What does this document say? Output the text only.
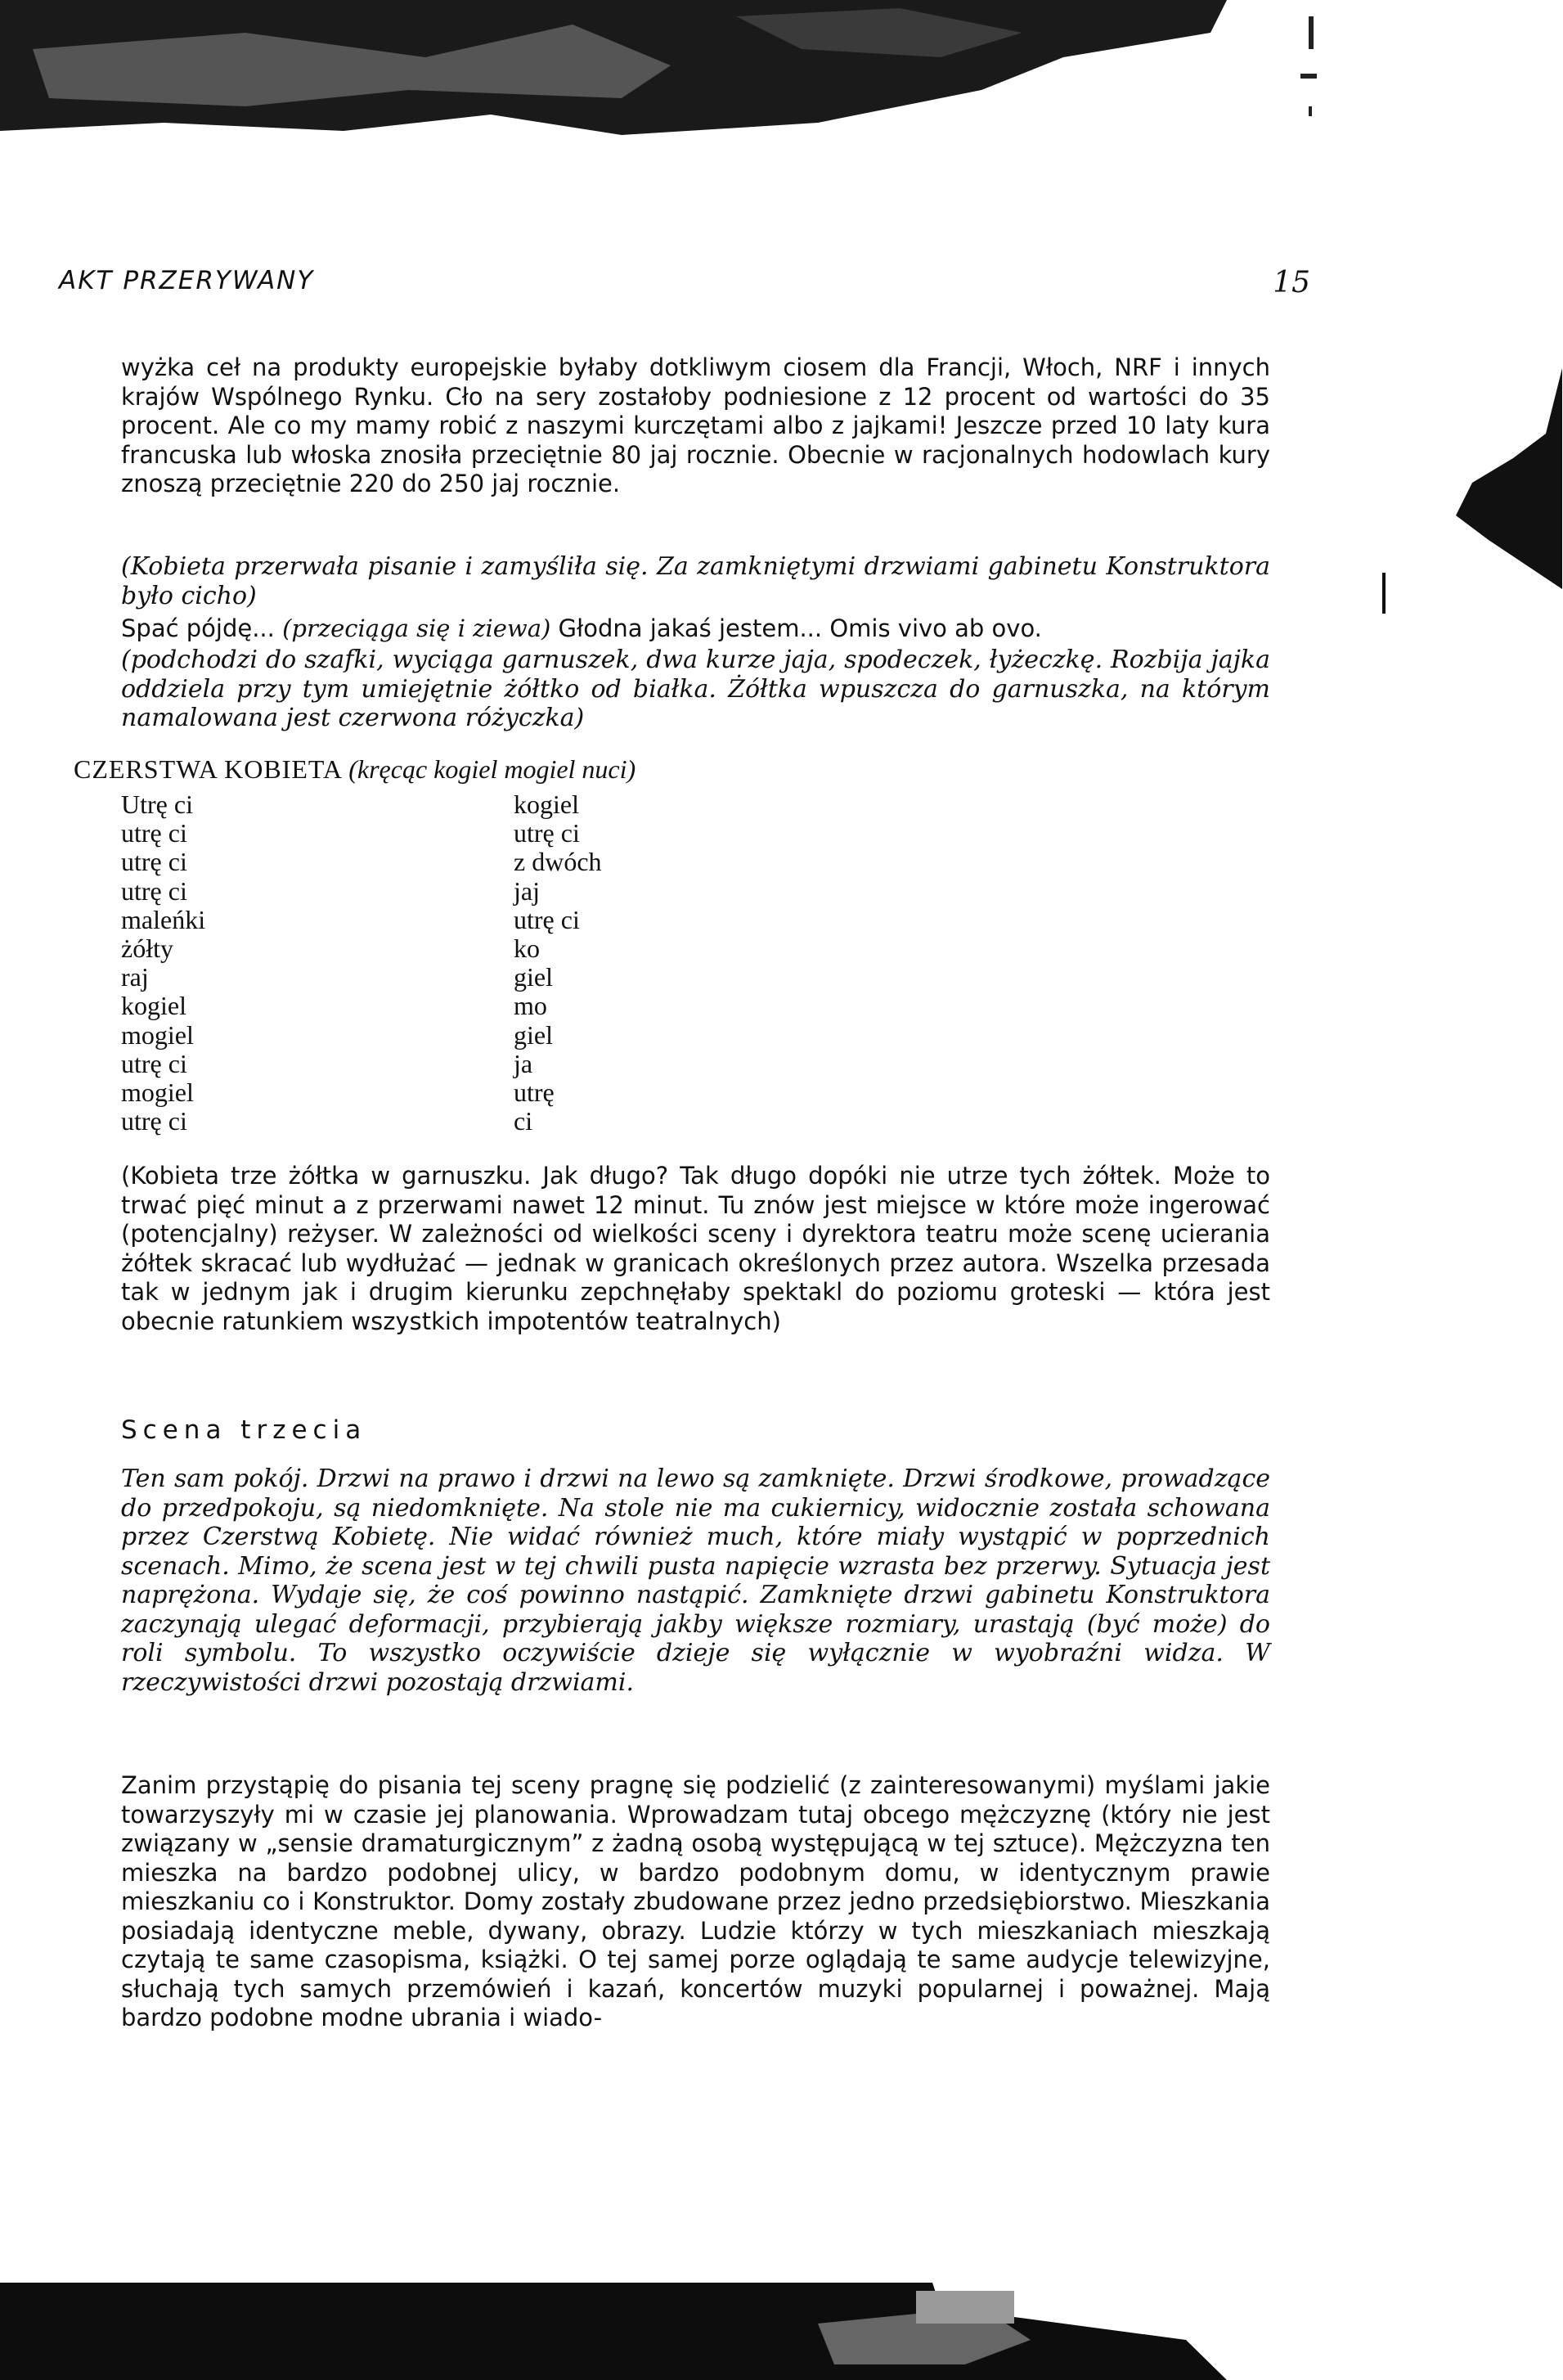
AKT PRZERYWANY	15

wyżka ceł na produkty europejskie byłaby dotkliwym ciosem dla Francji, Włoch, NRF i innych krajów Wspólnego Rynku. Cło na sery zostałoby podniesione z 12 procent od wartości do 35 procent. Ale co my mamy robić z naszymi kurczętami albo z jajkami! Jeszcze przed 10 laty kura francuska lub włoska znosiła przeciętnie 80 jaj rocznie. Obecnie w racjonalnych hodowlach kury znoszą przeciętnie 220 do 250 jaj rocznie.

(Kobieta przerwała pisanie i zamyśliła się. Za zamkniętymi drzwiami gabinetu Konstruktora było cicho)

Spać pójdę... (przeciąga się i ziewa) Głodna jakaś jestem... Omis vivo ab ovo.

(podchodzi do szafki, wyciąga garnuszek, dwa kurze jaja, spodeczek, łyżeczkę. Rozbija jajka oddziela przy tym umiejętnie żółtko od białka. Żółtka wpuszcza do garnuszka, na którym namalowana jest czerwona różyczka)

CZERSTWA KOBIETA (kręcąc kogiel mogiel nuci)
Utrę ci
utrę ci
utrę ci
utrę ci
maleńki
żółty
raj
kogiel
mogiel
utrę ci
mogiel
utrę ci
kogiel
utrę ci
z dwóch
jaj
utrę ci
ko
giel
mo
giel
ja
utrę
ci

(Kobieta trze żółtka w garnuszku. Jak długo? Tak długo dopóki nie utrze tych żółtek. Może to trwać pięć minut a z przerwami nawet 12 minut. Tu znów jest miejsce w które może ingerować (potencjalny) reżyser. W zależności od wielkości sceny i dyrektora teatru może scenę ucierania żółtek skracać lub wydłużać — jednak w granicach określonych przez autora. Wszelka przesada tak w jednym jak i drugim kierunku zepchnęłaby spektakl do poziomu groteski — która jest obecnie ratunkiem wszystkich impotentów teatralnych)

Scena trzecia

Ten sam pokój. Drzwi na prawo i drzwi na lewo są zamknięte. Drzwi środkowe, prowadzące do przedpokoju, są niedomknięte. Na stole nie ma cukiernicy, widocznie została schowana przez Czerstwą Kobietę. Nie widać również much, które miały wystąpić w poprzednich scenach. Mimo, że scena jest w tej chwili pusta napięcie wzrasta bez przerwy. Sytuacja jest naprężona. Wydaje się, że coś powinno nastąpić. Zamknięte drzwi gabinetu Konstruktora zaczynają ulegać deformacji, przybierają jakby większe rozmiary, urastają (być może) do roli symbolu. To wszystko oczywiście dzieje się wyłącznie w wyobraźni widza. W rzeczywistości drzwi pozostają drzwiami.

Zanim przystąpię do pisania tej sceny pragnę się podzielić (z zainteresowanymi) myślami jakie towarzyszyły mi w czasie jej planowania. Wprowadzam tutaj obcego mężczyznę (który nie jest związany w „sensie dramaturgicznym” z żadną osobą występującą w tej sztuce). Mężczyzna ten mieszka na bardzo podobnej ulicy, w bardzo podobnym domu, w identycznym prawie mieszkaniu co i Konstruktor. Domy zostały zbudowane przez jedno przedsiębiorstwo. Mieszkania posiadają identyczne meble, dywany, obrazy. Ludzie którzy w tych mieszkaniach mieszkają czytają te same czasopisma, książki. O tej samej porze oglądają te same audycje telewizyjne, słuchają tych samych przemówień i kazań, koncertów muzyki popularnej i poważnej. Mają bardzo podobne modne ubrania i wiado-
